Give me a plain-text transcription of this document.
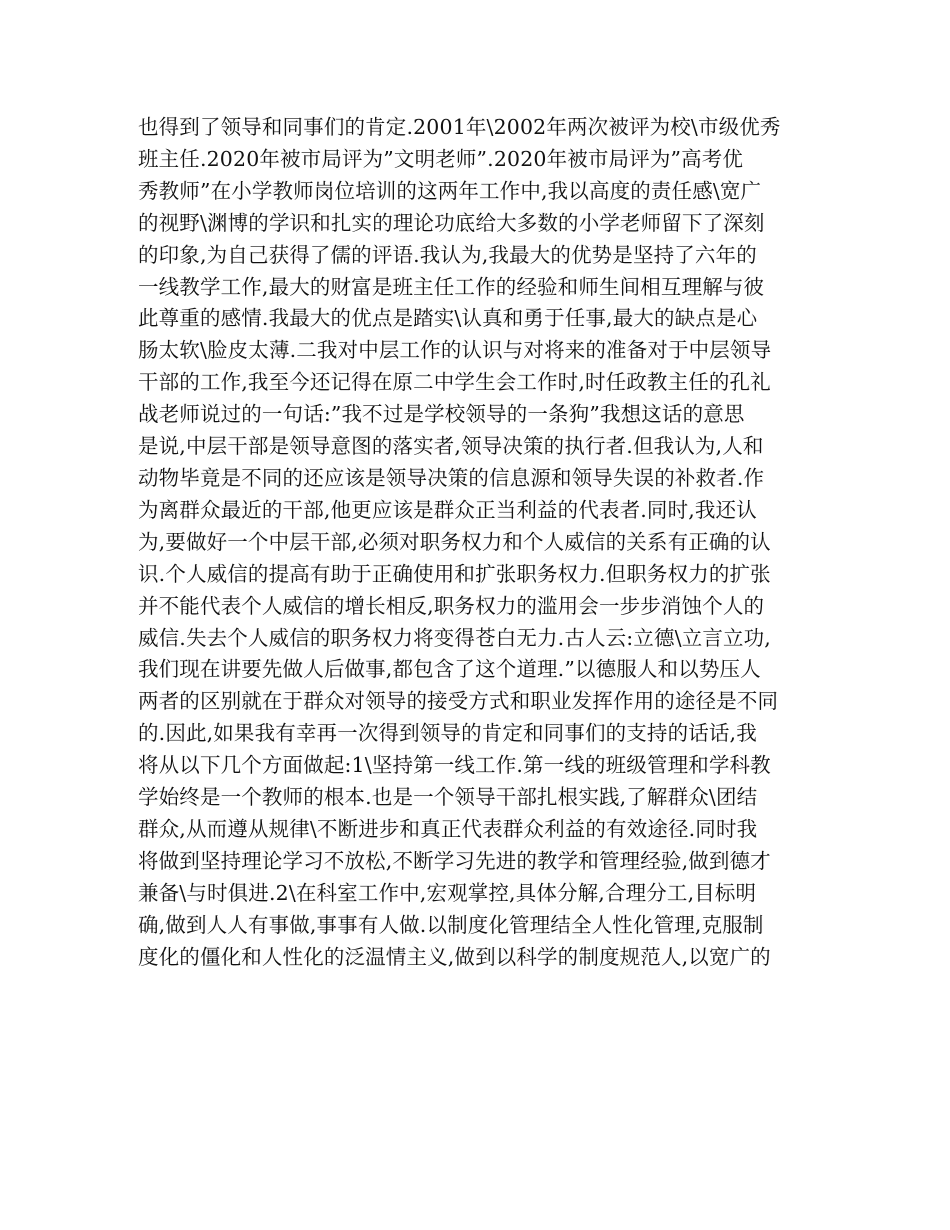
也得到了领导和同事们的肯定.2001年\2002年两次被评为校\市级优秀
班主任.2020年被市局评为”文明老师”.2020年被市局评为”高考优
秀教师”在小学教师岗位培训的这两年工作中,我以高度的责任感\宽广
的视野\渊博的学识和扎实的理论功底给大多数的小学老师留下了深刻
的印象,为自己获得了儒的评语.我认为,我最大的优势是坚持了六年的
一线教学工作,最大的财富是班主任工作的经验和师生间相互理解与彼
此尊重的感情.我最大的优点是踏实\认真和勇于任事,最大的缺点是心
肠太软\脸皮太薄.二我对中层工作的认识与对将来的准备对于中层领导
干部的工作,我至今还记得在原二中学生会工作时,时任政教主任的孔礼
战老师说过的一句话:”我不过是学校领导的一条狗”我想这话的意思
是说,中层干部是领导意图的落实者,领导决策的执行者.但我认为,人和
动物毕竟是不同的还应该是领导决策的信息源和领导失误的补救者.作
为离群众最近的干部,他更应该是群众正当利益的代表者.同时,我还认
为,要做好一个中层干部,必须对职务权力和个人威信的关系有正确的认
识.个人威信的提高有助于正确使用和扩张职务权力.但职务权力的扩张
并不能代表个人威信的增长相反,职务权力的滥用会一步步消蚀个人的
威信.失去个人威信的职务权力将变得苍白无力.古人云:立德\立言立功,
我们现在讲要先做人后做事,都包含了这个道理.”以德服人和以势压人
两者的区别就在于群众对领导的接受方式和职业发挥作用的途径是不同
的.因此,如果我有幸再一次得到领导的肯定和同事们的支持的话话,我
将从以下几个方面做起:1\坚持第一线工作.第一线的班级管理和学科教
学始终是一个教师的根本.也是一个领导干部扎根实践,了解群众\团结
群众,从而遵从规律\不断进步和真正代表群众利益的有效途径.同时我
将做到坚持理论学习不放松,不断学习先进的教学和管理经验,做到德才
兼备\与时俱进.2\在科室工作中,宏观掌控,具体分解,合理分工,目标明
确,做到人人有事做,事事有人做.以制度化管理结全人性化管理,克服制
度化的僵化和人性化的泛温情主义,做到以科学的制度规范人,以宽广的
